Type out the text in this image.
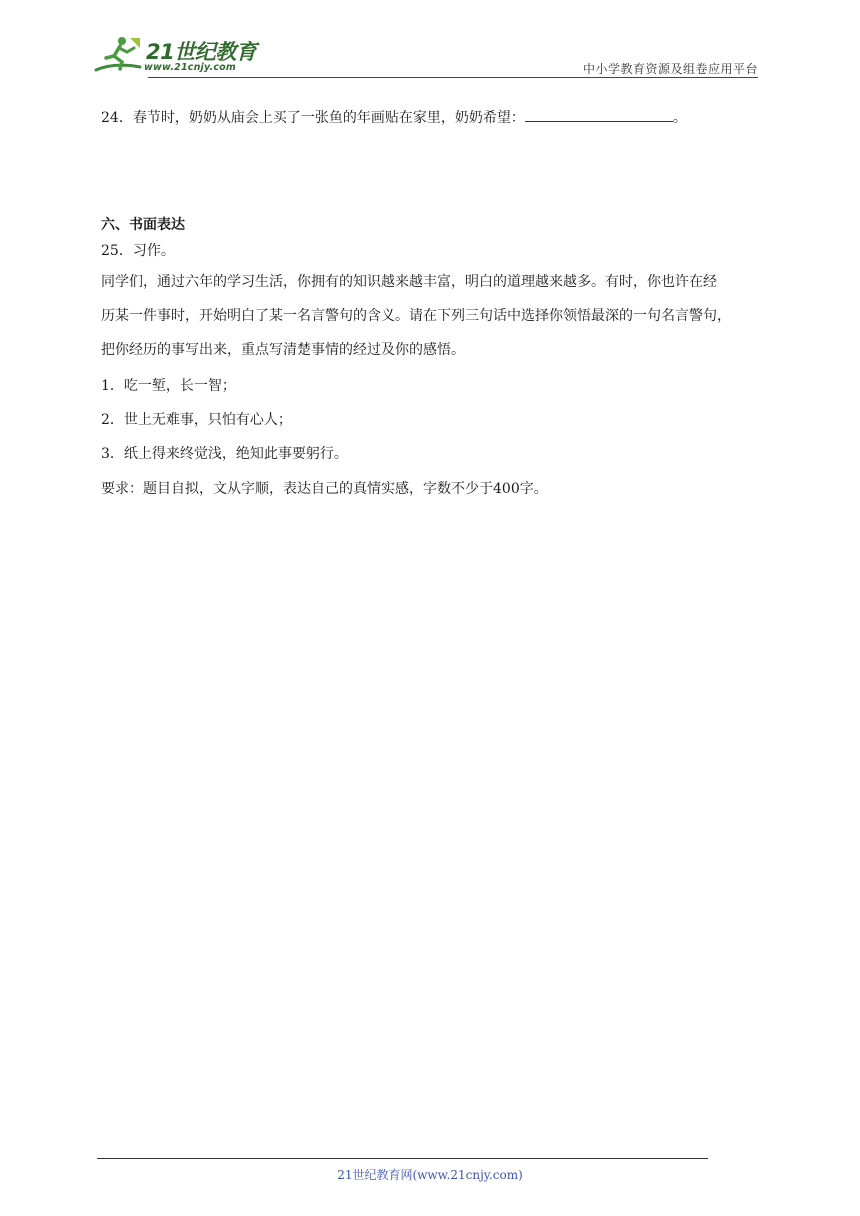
21世纪教育
www.21cnjy.com	中小学教育资源及组卷应用平台
24．春节时，奶奶从庙会上买了一张鱼的年画贴在家里，奶奶希望：	。
六、书面表达
25．习作。
同学们，通过六年的学习生活，你拥有的知识越来越丰富，明白的道理越来越多。有时，你也许在经
历某一件事时，开始明白了某一名言警句的含义。请在下列三句话中选择你领悟最深的一句名言警句，
把你经历的事写出来，重点写清楚事情的经过及你的感悟。
1．吃一堑，长一智；
2．世上无难事，只怕有心人；
3．纸上得来终觉浅，绝知此事要躬行。
要求：题目自拟，文从字顺，表达自己的真情实感，字数不少于400字。
21世纪教育网(www.21cnjy.com)
